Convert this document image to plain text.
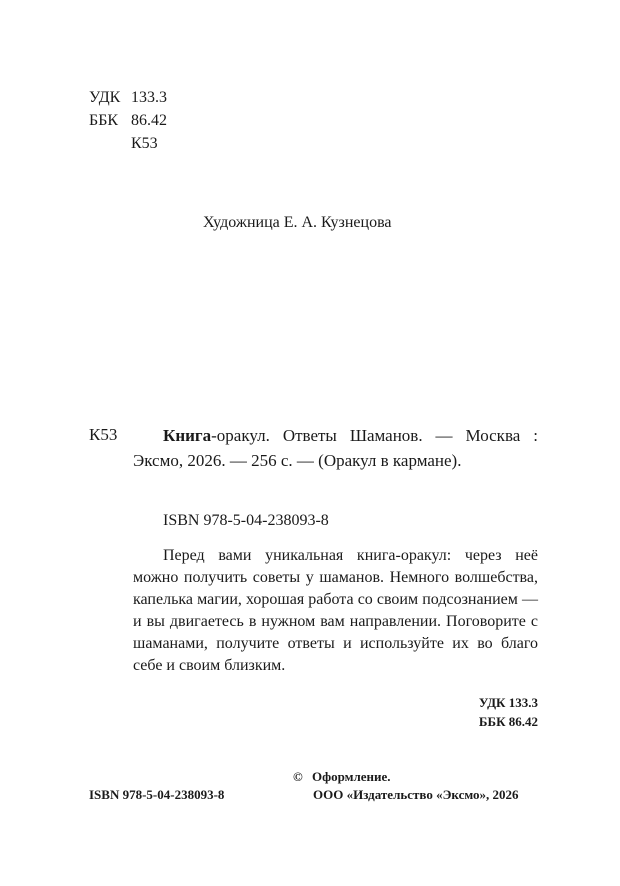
УДК 133.3
ББК 86.42
К53
Художница Е. А. Кузнецова
К53	Книга-оракул. Ответы Шаманов. — Москва : Эксмо, 2026. — 256 с. — (Оракул в кармане).
ISBN 978-5-04-238093-8
Перед вами уникальная книга-оракул: через неё можно получить советы у шаманов. Немного волшебства, капелька магии, хорошая работа со своим подсознанием — и вы двигаетесь в нужном вам направлении. Поговорите с шаманами, получите ответы и используйте их во благо себе и своим близким.
УДК 133.3
ББК 86.42
ISBN 978-5-04-238093-8
© Оформление.
ООО «Издательство «Эксмо», 2026
